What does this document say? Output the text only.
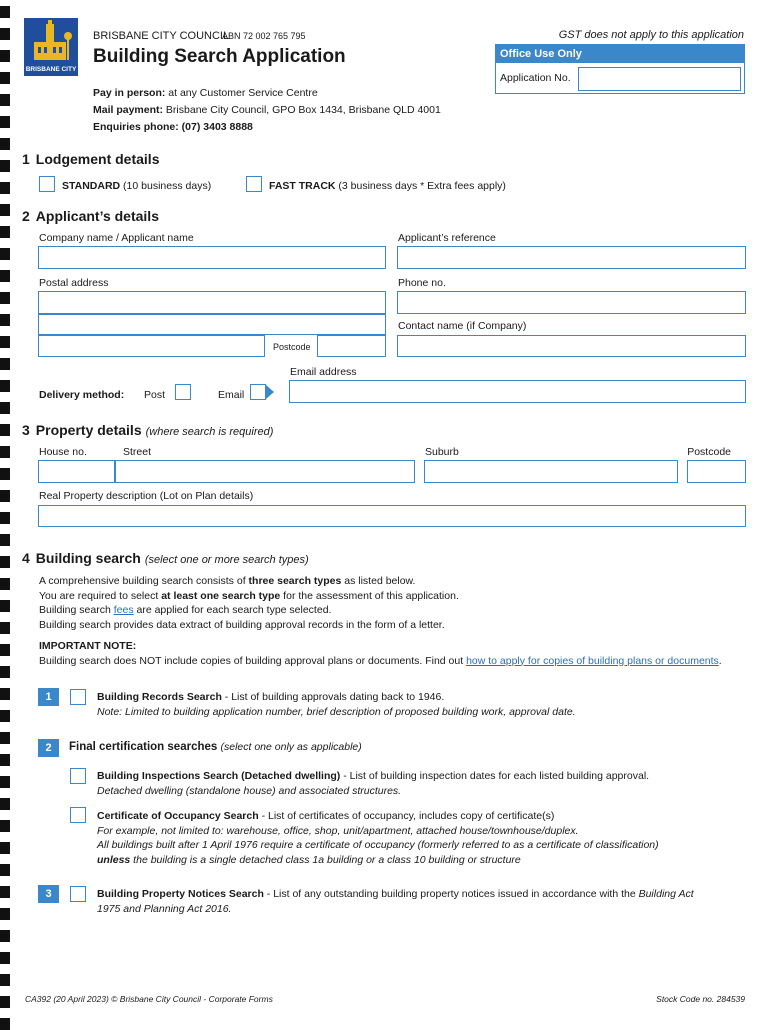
BRISBANE CITY
BRISBANE CITY COUNCIL
ABN 72 002 765 795
Building Search Application
GST does not apply to this application
Office Use Only
Application No.
Pay in person: at any Customer Service Centre
Mail payment: Brisbane City Council, GPO Box 1434, Brisbane QLD 4001
Enquiries phone: (07) 3403 8888
1 Lodgement details
STANDARD (10 business days)	FAST TRACK (3 business days * Extra fees apply)
2 Applicant’s details
Company name / Applicant name	Applicant’s reference
Postal address	Phone no.
Contact name (if Company)
Postcode
Email address
Delivery method: Post	Email
3 Property details (where search is required)
House no.	Street	Suburb	Postcode
Real Property description (Lot on Plan details)
4 Building search (select one or more search types)
A comprehensive building search consists of three search types as listed below.
You are required to select at least one search type for the assessment of this application.
Building search fees are applied for each search type selected.
Building search provides data extract of building approval records in the form of a letter.
IMPORTANT NOTE:
Building search does NOT include copies of building approval plans or documents. Find out how to apply for copies of building plans or documents.
1	Building Records Search - List of building approvals dating back to 1946.
Note: Limited to building application number, brief description of proposed building work, approval date.
2	Final certification searches (select one only as applicable)
Building Inspections Search (Detached dwelling) - List of building inspection dates for each listed building approval.
Detached dwelling (standalone house) and associated structures.
Certificate of Occupancy Search - List of certificates of occupancy, includes copy of certificate(s)
For example, not limited to: warehouse, office, shop, unit/apartment, attached house/townhouse/duplex.
All buildings built after 1 April 1976 require a certificate of occupancy (formerly referred to as a certificate of classification)
unless the building is a single detached class 1a building or a class 10 building or structure
3	Building Property Notices Search - List of any outstanding building property notices issued in accordance with the Building Act
1975 and Planning Act 2016.
CA392 (20 April 2023) © Brisbane City Council - Corporate Forms	Stock Code no. 284539
